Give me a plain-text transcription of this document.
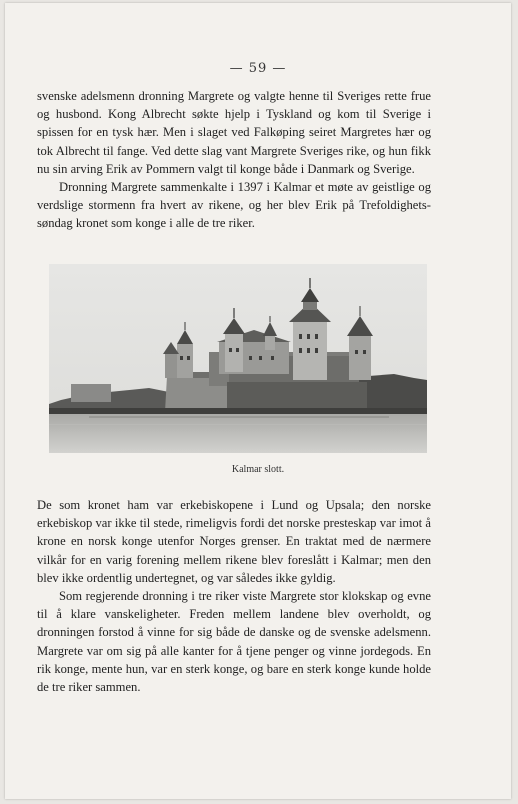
— 59 —

svenske adelsmenn dronning Margrete og valgte henne til Sveriges rette frue og husbond. Kong Albrecht søkte hjelp i Tyskland og kom til Sverige i spissen for en tysk hær. Men i slaget ved Falkøping seiret Margretes hær og tok Albrecht til fange. Ved dette slag vant Margrete Sveriges rike, og hun fikk nu sin arving Erik av Pommern valgt til konge både i Danmark og Sverige.

Dronning Margrete sammenkalte i 1397 i Kalmar et møte av geistlige og verdslige stormenn fra hvert av rikene, og her blev Erik på Trefoldighets-søndag kronet som konge i alle de tre riker.

Kalmar slott.

De som kronet ham var erkebiskopene i Lund og Upsala; den norske erkebiskop var ikke til stede, rimeligvis fordi det norske presteskap var imot å krone en norsk konge utenfor Norges grenser. En traktat med de nærmere vilkår for en varig forening mellem rikene blev foreslått i Kalmar; men den blev ikke ordentlig undertegnet, og var således ikke gyldig.

Som regjerende dronning i tre riker viste Margrete stor klokskap og evne til å klare vanskeligheter. Freden mellem landene blev overholdt, og dronningen forstod å vinne for sig både de danske og de svenske adelsmenn. Margrete var om sig på alle kanter for å tjene penger og vinne jordegods. En rik konge, mente hun, var en sterk konge, og bare en sterk konge kunde holde de tre riker sammen.
